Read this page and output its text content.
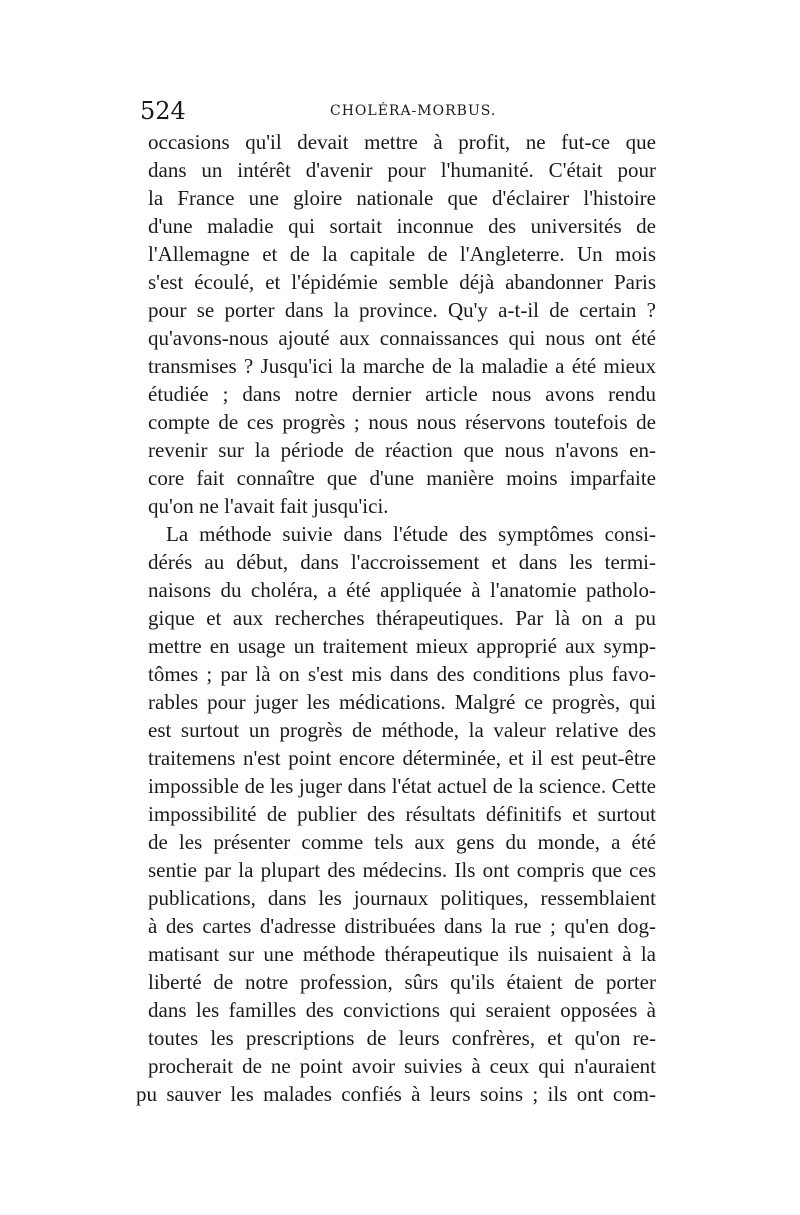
524	CHOLÉRA-MORBUS.
occasions qu'il devait mettre à profit, ne fut-ce que
dans un intérêt d'avenir pour l'humanité. C'était pour
la France une gloire nationale que d'éclairer l'histoire
d'une maladie qui sortait inconnue des universités de
l'Allemagne et de la capitale de l'Angleterre. Un mois
s'est écoulé, et l'épidémie semble déjà abandonner Paris
pour se porter dans la province. Qu'y a-t-il de certain ?
qu'avons-nous ajouté aux connaissances qui nous ont été
transmises ? Jusqu'ici la marche de la maladie a été mieux
étudiée ; dans notre dernier article nous avons rendu
compte de ces progrès ; nous nous réservons toutefois de
revenir sur la période de réaction que nous n'avons en-
core fait connaître que d'une manière moins imparfaite
qu'on ne l'avait fait jusqu'ici.
La méthode suivie dans l'étude des symptômes consi-
dérés au début, dans l'accroissement et dans les termi-
naisons du choléra, a été appliquée à l'anatomie patholo-
gique et aux recherches thérapeutiques. Par là on a pu
mettre en usage un traitement mieux approprié aux symp-
tômes ; par là on s'est mis dans des conditions plus favo-
rables pour juger les médications. Malgré ce progrès, qui
est surtout un progrès de méthode, la valeur relative des
traitemens n'est point encore déterminée, et il est peut-être
impossible de les juger dans l'état actuel de la science. Cette
impossibilité de publier des résultats définitifs et surtout
de les présenter comme tels aux gens du monde, a été
sentie par la plupart des médecins. Ils ont compris que ces
publications, dans les journaux politiques, ressemblaient
à des cartes d'adresse distribuées dans la rue ; qu'en dog-
matisant sur une méthode thérapeutique ils nuisaient à la
liberté de notre profession, sûrs qu'ils étaient de porter
dans les familles des convictions qui seraient opposées à
toutes les prescriptions de leurs confrères, et qu'on re-
procherait de ne point avoir suivies à ceux qui n'auraient
pu sauver les malades confiés à leurs soins ; ils ont com-
